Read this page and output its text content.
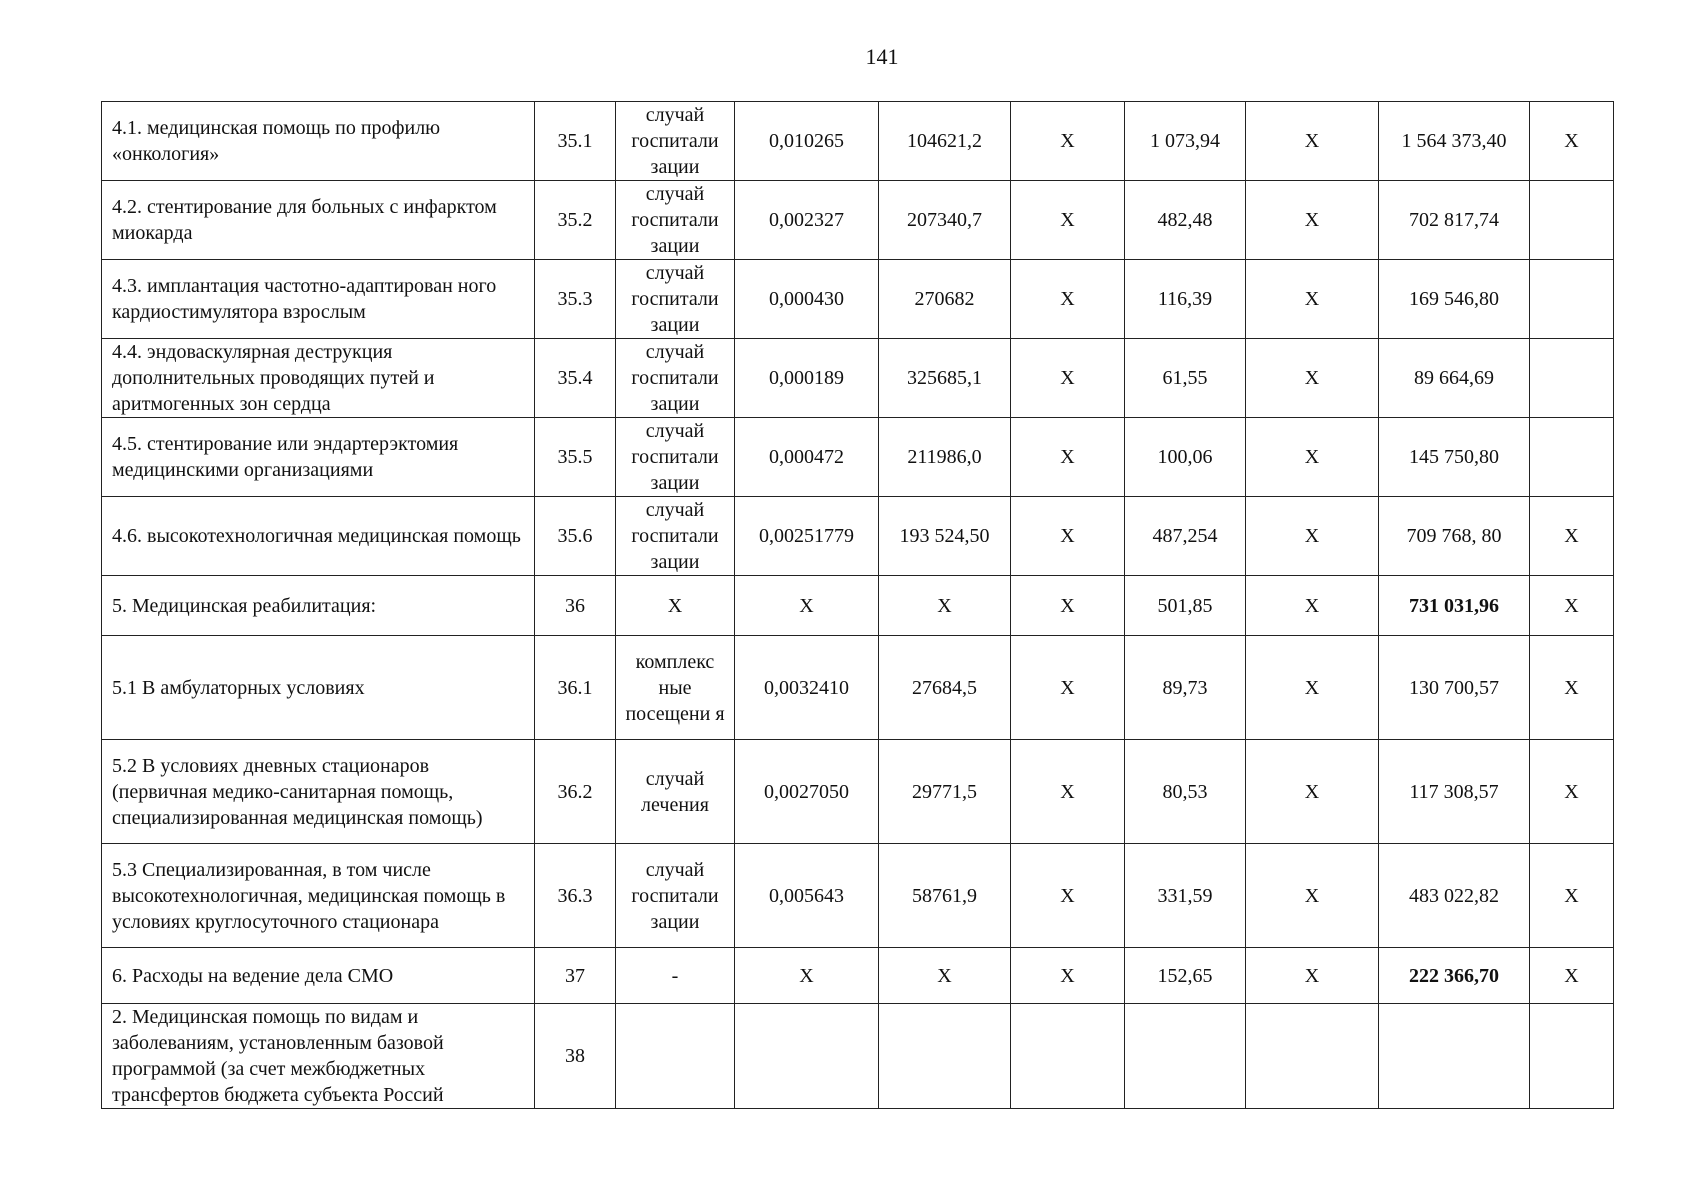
141
4.1. медицинская помощь по профилю «онкология»	35.1	случай госпитали зации	0,010265	104621,2	Х	1 073,94	Х	1 564 373,40	Х
4.2. стентирование для больных с инфарктом миокарда	35.2	случай госпитали зации	0,002327	207340,7	Х	482,48	Х	702 817,74	
4.3. имплантация частотно-адаптирован ного кардиостимулятора взрослым	35.3	случай госпитали зации	0,000430	270682	Х	116,39	Х	169 546,80	
4.4. эндоваскулярная деструкция дополнительных проводящих путей и аритмогенных зон сердца	35.4	случай госпитали зации	0,000189	325685,1	Х	61,55	Х	89 664,69	
4.5. стентирование или эндартерэктомия медицинскими организациями	35.5	случай госпитали зации	0,000472	211986,0	Х	100,06	Х	145 750,80	
4.6. высокотехнологичная медицинская помощь	35.6	случай госпитали зации	0,00251779	193 524,50	Х	487,254	Х	709 768, 80	Х
5. Медицинская реабилитация:	36	Х	Х	Х	Х	501,85	Х	731 031,96	Х
5.1 В амбулаторных условиях	36.1	комплекс ные посещени я	0,0032410	27684,5	Х	89,73	Х	130 700,57	Х
5.2 В условиях дневных стационаров (первичная медико-санитарная помощь, специализированная медицинская помощь)	36.2	случай лечения	0,0027050	29771,5	Х	80,53	Х	117 308,57	Х
5.3 Специализированная, в том числе высокотехнологичная, медицинская помощь в условиях круглосуточного стационара	36.3	случай госпитали зации	0,005643	58761,9	Х	331,59	Х	483 022,82	Х
6. Расходы на ведение дела СМО	37	-	Х	Х	Х	152,65	Х	222 366,70	Х
2. Медицинская помощь по видам и заболеваниям, установленным базовой программой (за счет межбюджетных трансфертов бюджета субъекта Россий	38								
